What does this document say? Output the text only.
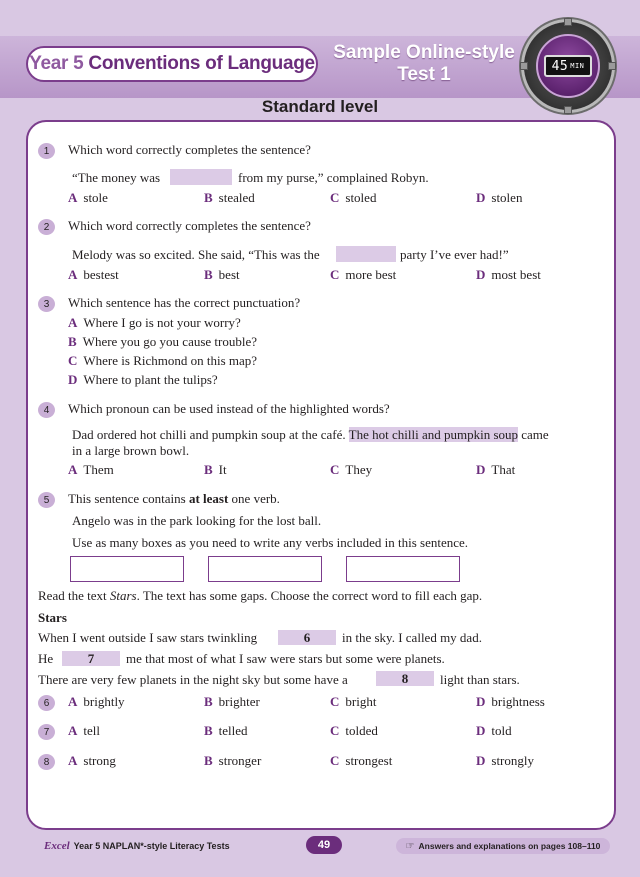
Year 5 Conventions of Language
Sample Online-style
Test 1	45 MIN
Standard level
1	Which word correctly completes the sentence?
“The money was	from my purse,” complained Robyn.
A stole	B stealed	C stoled	D stolen
2	Which word correctly completes the sentence?
Melody was so excited. She said, “This was the	party I’ve ever had!”
A bestest	B best	C more best	D most best
3	Which sentence has the correct punctuation?
A Where I go is not your worry?
B Where you go you cause trouble?
C Where is Richmond on this map?
D Where to plant the tulips?
4	Which pronoun can be used instead of the highlighted words?
Dad ordered hot chilli and pumpkin soup at the café. The hot chilli and pumpkin soup came
in a large brown bowl.
A Them	B It	C They	D That
5	This sentence contains at least one verb.
Angelo was in the park looking for the lost ball.
Use as many boxes as you need to write any verbs included in this sentence.
Read the text Stars. The text has some gaps. Choose the correct word to fill each gap.
Stars
When I went outside I saw stars twinkling	6	in the sky. I called my dad.
He	7	me that most of what I saw were stars but some were planets.
There are very few planets in the night sky but some have a	8	light than stars.
6	A brightly	B brighter	C bright	D brightness
7	A tell	B telled	C tolded	D told
8	A strong	B stronger	C strongest	D strongly
Excel Year 5 NAPLAN*-style Literacy Tests	49	☞ Answers and explanations on pages 108–110
